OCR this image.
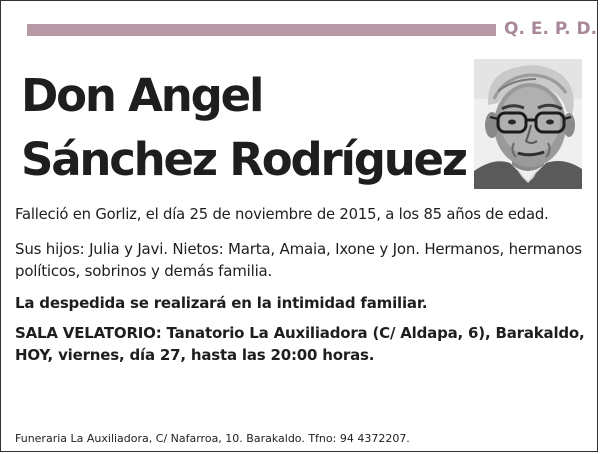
Q. E. P. D.
Don Angel
Sánchez Rodríguez
Falleció en Gorliz, el día 25 de noviembre de 2015, a los 85 años de edad.
Sus hijos: Julia y Javi. Nietos: Marta, Amaia, Ixone y Jon. Hermanos, hermanos políticos, sobrinos y demás familia.
La despedida se realizará en la intimidad familiar.
SALA VELATORIO: Tanatorio La Auxiliadora (C/ Aldapa, 6), Barakaldo, HOY, viernes, día 27, hasta las 20:00 horas.
Funeraria La Auxiliadora, C/ Nafarroa, 10. Barakaldo. Tfno: 94 4372207.
